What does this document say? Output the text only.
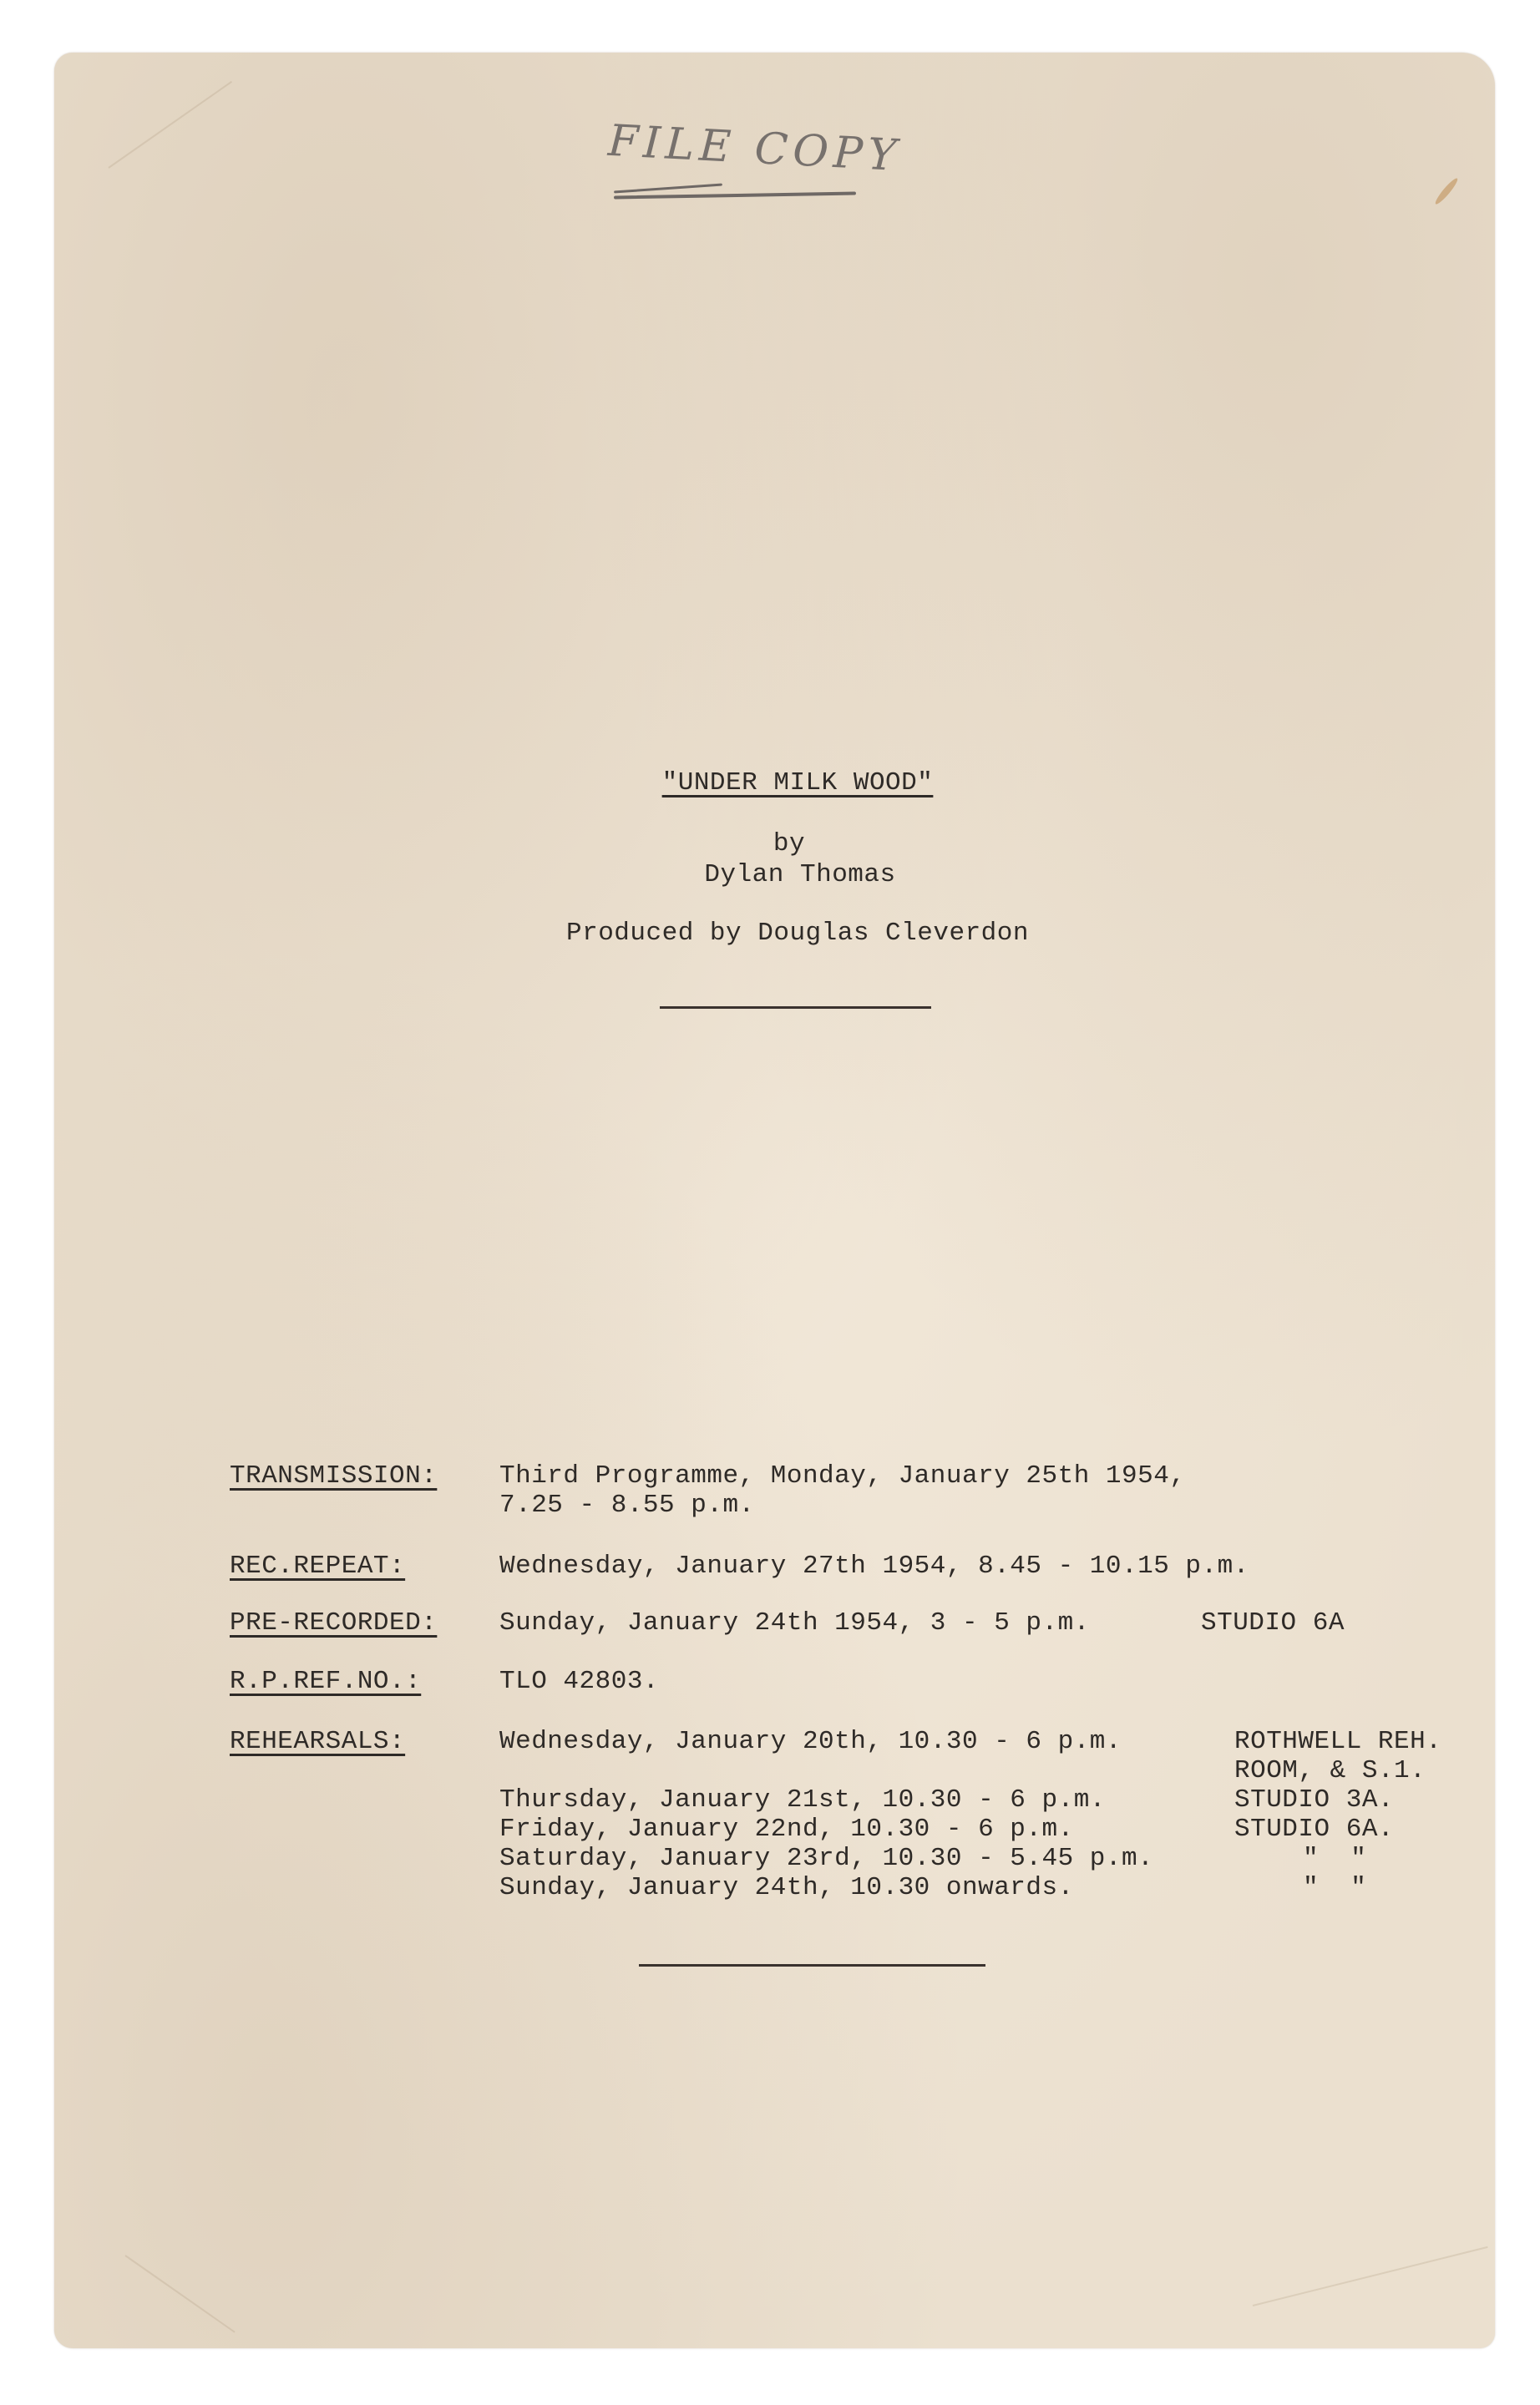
FILE COPY
"UNDER MILK WOOD"
by
Dylan Thomas
Produced by Douglas Cleverdon
TRANSMISSION: Third Programme, Monday, January 25th 1954,
7.25 - 8.55 p.m.
REC.REPEAT:	Wednesday, January 27th 1954, 8.45 - 10.15 p.m.
PRE-RECORDED: Sunday, January 24th 1954, 3 - 5 p.m.	STUDIO 6A
R.P.REF.NO.:	TLO 42803.
REHEARSALS:	Wednesday, January 20th, 10.30 - 6 p.m.	ROTHWELL REH.
ROOM, & S.1.
Thursday, January 21st, 10.30 - 6 p.m.	STUDIO 3A.
Friday, January 22nd, 10.30 - 6 p.m.	STUDIO 6A.
Saturday, January 23rd, 10.30 - 5.45 p.m.	"  "
Sunday, January 24th, 10.30 onwards.	"  "
